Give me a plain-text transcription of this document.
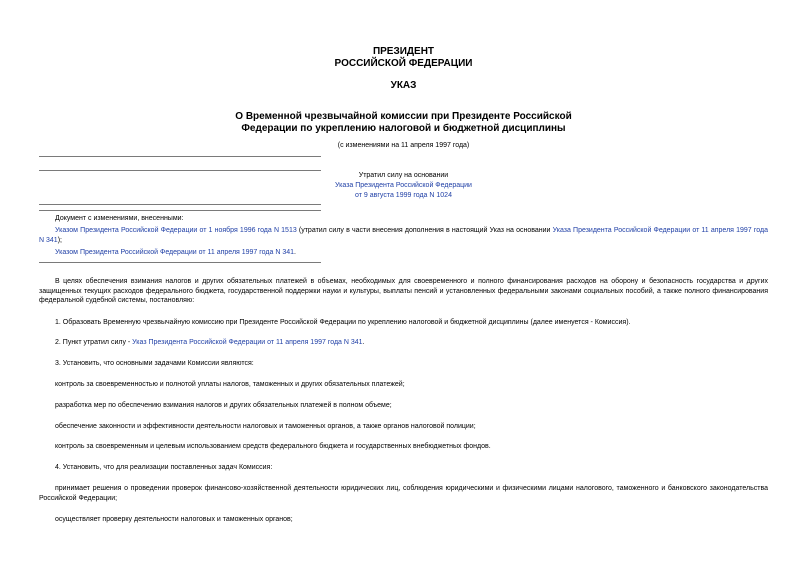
ПРЕЗИДЕНТ
РОССИЙСКОЙ ФЕДЕРАЦИИ
УКАЗ
О Временной чрезвычайной комиссии при Президенте Российской
Федерации по укреплению налоговой и бюджетной дисциплины
(с изменениями на 11 апреля 1997 года)
Утратил силу на основании
Указа Президента Российской Федерации
от 9 августа 1999 года N 1024
Документ с изменениями, внесенными:
Указом Президента Российской Федерации от 1 ноября 1996 года N 1513 (утратил силу в части внесения дополнения в настоящий Указ на основании Указа Президента Российской Федерации от 11 апреля 1997 года N 341);
Указом Президента Российской Федерации от 11 апреля 1997 года N 341.
В целях обеспечения взимания налогов и других обязательных платежей в объемах, необходимых для своевременного и полного финансирования расходов на оборону и безопасность государства и других защищенных текущих расходов федерального бюджета, государственной поддержки науки и культуры, выплаты пенсий и установленных федеральными законами социальных пособий, а также полного финансирования федеральной судебной системы, постановляю:
1. Образовать Временную чрезвычайную комиссию при Президенте Российской Федерации по укреплению налоговой и бюджетной дисциплины (далее именуется - Комиссия).
2. Пункт утратил силу - Указ Президента Российской Федерации от 11 апреля 1997 года N 341.
3. Установить, что основными задачами Комиссии являются:
контроль за своевременностью и полнотой уплаты налогов, таможенных и других обязательных платежей;
разработка мер по обеспечению взимания налогов и других обязательных платежей в полном объеме;
обеспечение законности и эффективности деятельности налоговых и таможенных органов, а также органов налоговой полиции;
контроль за своевременным и целевым использованием средств федерального бюджета и государственных внебюджетных фондов.
4. Установить, что для реализации поставленных задач Комиссия:
принимает решения о проведении проверок финансово-хозяйственной деятельности юридических лиц, соблюдения юридическими и физическими лицами налогового, таможенного и банковского законодательства Российской Федерации;
осуществляет проверку деятельности налоговых и таможенных органов;
